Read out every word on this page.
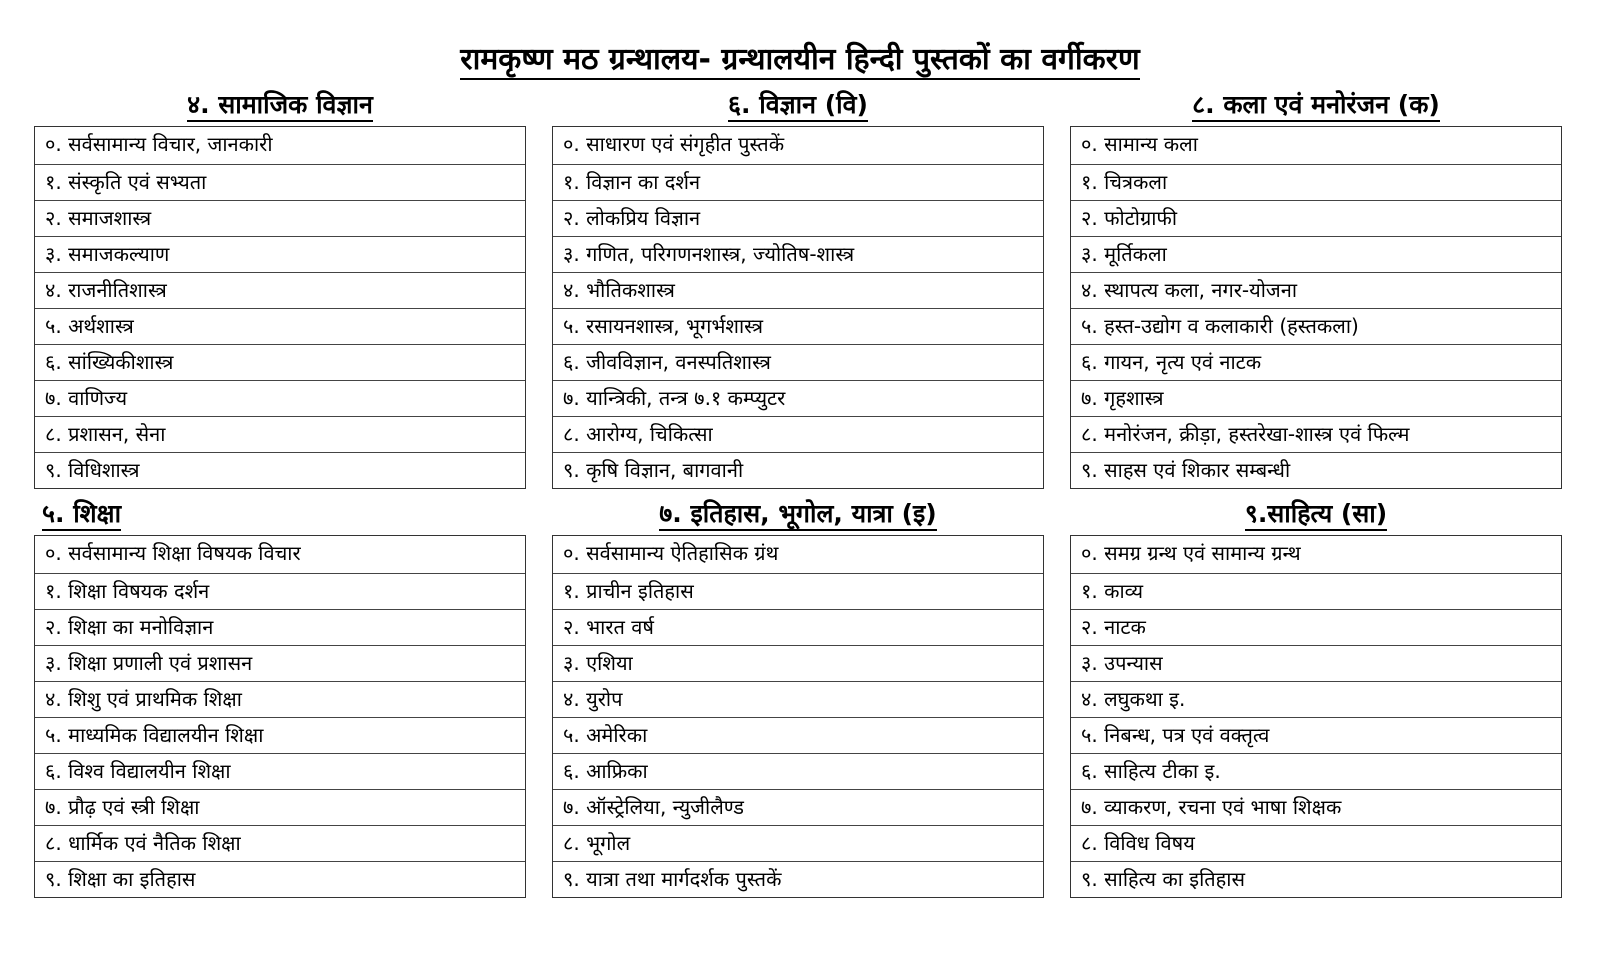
रामकृष्ण मठ ग्रन्थालय- ग्रन्थालयीन हिन्दी पुस्तकों का वर्गीकरण
४. सामाजिक विज्ञान
०. सर्वसामान्य विचार, जानकारी
१. संस्कृति एवं सभ्यता
२. समाजशास्त्र
३. समाजकल्याण
४. राजनीतिशास्त्र
५. अर्थशास्त्र
६. सांख्यिकीशास्त्र
७. वाणिज्य
८. प्रशासन, सेना
९. विधिशास्त्र
६. विज्ञान (वि)
०. साधारण एवं संगृहीत पुस्तकें
१. विज्ञान का दर्शन
२. लोकप्रिय विज्ञान
३. गणित, परिगणनशास्त्र, ज्योतिष-शास्त्र
४. भौतिकशास्त्र
५. रसायनशास्त्र, भूगर्भशास्त्र
६. जीवविज्ञान, वनस्पतिशास्त्र
७. यान्त्रिकी, तन्त्र ७.१ कम्प्युटर
८. आरोग्य, चिकित्सा
९. कृषि विज्ञान, बागवानी
८. कला एवं मनोरंजन (क)
०. सामान्य कला
१. चित्रकला
२. फोटोग्राफी
३. मूर्तिकला
४. स्थापत्य कला, नगर-योजना
५. हस्त-उद्योग व कलाकारी (हस्तकला)
६. गायन, नृत्य एवं नाटक
७. गृहशास्त्र
८. मनोरंजन, क्रीड़ा, हस्तरेखा-शास्त्र एवं फिल्म
९. साहस एवं शिकार सम्बन्धी
५. शिक्षा
०. सर्वसामान्य शिक्षा विषयक विचार
१. शिक्षा विषयक दर्शन
२. शिक्षा का मनोविज्ञान
३. शिक्षा प्रणाली एवं प्रशासन
४. शिशु एवं प्राथमिक शिक्षा
५. माध्यमिक विद्यालयीन शिक्षा
६. विश्व विद्यालयीन शिक्षा
७. प्रौढ़ एवं स्त्री शिक्षा
८. धार्मिक एवं नैतिक शिक्षा
९. शिक्षा का इतिहास
७. इतिहास, भूगोल, यात्रा (इ)
०. सर्वसामान्य ऐतिहासिक ग्रंथ
१. प्राचीन इतिहास
२. भारत वर्ष
३. एशिया
४. युरोप
५. अमेरिका
६. आफ्रिका
७. ऑस्ट्रेलिया, न्युजीलैण्ड
८. भूगोल
९. यात्रा तथा मार्गदर्शक पुस्तकें
९.साहित्य (सा)
०. समग्र ग्रन्थ एवं सामान्य ग्रन्थ
१. काव्य
२. नाटक
३. उपन्यास
४. लघुकथा इ.
५. निबन्ध, पत्र एवं वक्तृत्व
६. साहित्य टीका इ.
७. व्याकरण, रचना एवं भाषा शिक्षक
८. विविध विषय
९. साहित्य का इतिहास
